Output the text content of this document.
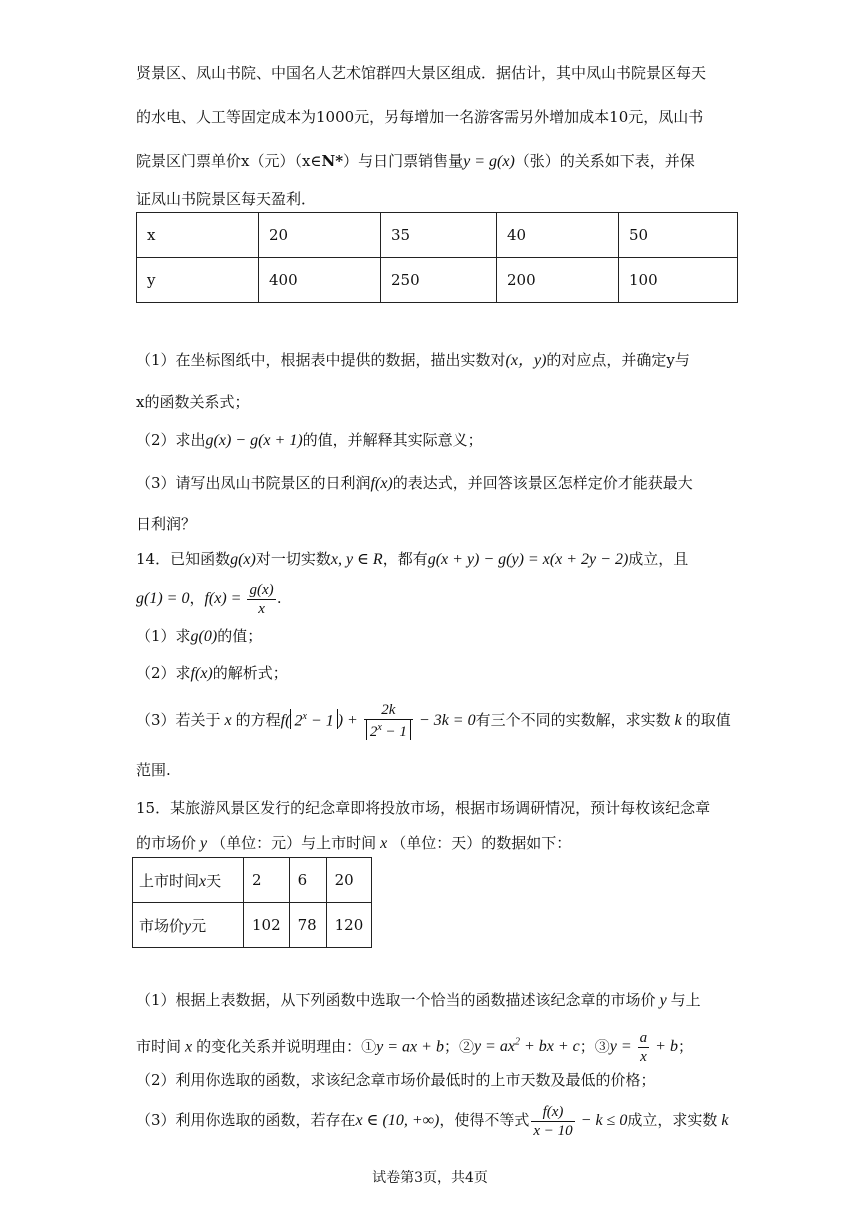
贤景区、凤山书院、中国名人艺术馆群四大景区组成．据估计，其中凤山书院景区每天
的水电、人工等固定成本为1000元，另每增加一名游客需另外增加成本10元，凤山书
院景区门票单价x（元）（x∈N*）与日门票销售量y = g(x)（张）的关系如下表，并保
证凤山书院景区每天盈利．
x	20	35	40	50
y	400	250	200	100
（1）在坐标图纸中，根据表中提供的数据，描出实数对(x，y)的对应点，并确定y与
x的函数关系式；
（2）求出g(x) − g(x + 1)的值，并解释其实际意义；
（3）请写出凤山书院景区的日利润f(x)的表达式，并回答该景区怎样定价才能获最大
日利润？
14．已知函数g(x)对一切实数x, y ∈ R，都有g(x + y) − g(y) = x(x + 2y − 2)成立，且
g(1) = 0，$f(x) = \frac{g(x)}{x}$ .
（1）求g(0)的值；
（2）求f(x)的解析式；
（3）若关于 x 的方程f( $2^x - 1$ ) + $\frac{2k}{2^x - 1} - 3k = 0$有三个不同的实数解，求实数 k 的取值
范围.
15．某旅游风景区发行的纪念章即将投放市场，根据市场调研情况，预计每枚该纪念章
的市场价 y （单位：元）与上市时间 x （单位：天）的数据如下：
上市时间x天	2	6	20
市场价y元	102	78	120
（1）根据上表数据，从下列函数中选取一个恰当的函数描述该纪念章的市场价 y 与上
市时间 x 的变化关系并说明理由：①y = ax + b；②y = $ax^2$ + bx + c；③y = $\frac{a}{x} + b$；
（2）利用你选取的函数，求该纪念章市场价最低时的上市天数及最低的价格；
（3）利用你选取的函数，若存在x ∈ (10, +∞)，使得不等式 $\frac{f(x)}{x - 10} - k \le 0$成立，求实数 k
试卷第3页，共4页
